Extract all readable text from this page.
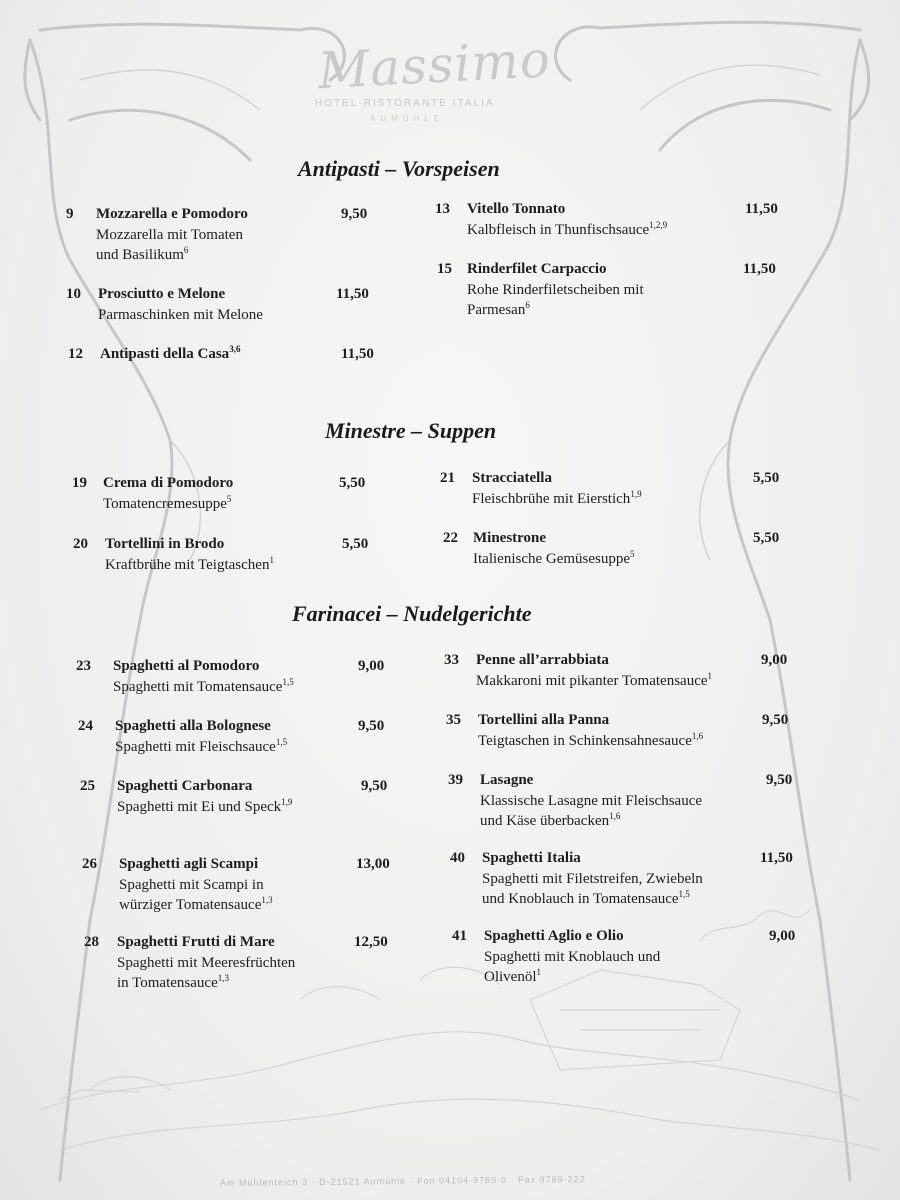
Massimo
HOTEL-RISTORANTE ITALIA
AUMÜHLE
Antipasti – Vorspeisen
Minestre – Suppen
Farinacei – Nudelgerichte
9 Mozzarella e Pomodoro	9,50
Mozzarella mit Tomaten
und Basilikum$^6$
10 Prosciutto e Melone	11,50
Parmaschinken mit Melone
12 Antipasti della Casa$^{3,6}$	11,50
13 Vitello Tonnato	11,50
Kalbfleisch in Thunfischsauce$^{1,2,9}$
15 Rinderfilet Carpaccio	11,50
Rohe Rinderfiletscheiben mit
Parmesan$^6$
19 Crema di Pomodoro	5,50
Tomatencremesuppe$^5$
20 Tortellini in Brodo	5,50
Kraftbrühe mit Teigtaschen$^1$
21 Stracciatella	5,50
Fleischbrühe mit Eierstich$^{1,9}$
22 Minestrone	5,50
Italienische Gemüsesuppe$^5$
23 Spaghetti al Pomodoro	9,00
Spaghetti mit Tomatensauce$^{1,5}$
24 Spaghetti alla Bolognese	9,50
Spaghetti mit Fleischsauce$^{1,5}$
25 Spaghetti Carbonara	9,50
Spaghetti mit Ei und Speck$^{1,9}$
26 Spaghetti agli Scampi	13,00
Spaghetti mit Scampi in
würziger Tomatensauce$^{1,3}$
28 Spaghetti Frutti di Mare	12,50
Spaghetti mit Meeresfrüchten
in Tomatensauce$^{1,3}$
33 Penne all’arrabbiata	9,00
Makkaroni mit pikanter Tomatensauce$^1$
35 Tortellini alla Panna	9,50
Teigtaschen in Schinkensahnesauce$^{1,6}$
39 Lasagne	9,50
Klassische Lasagne mit Fleischsauce
und Käse überbacken$^{1,6}$
40 Spaghetti Italia	11,50
Spaghetti mit Filetstreifen, Zwiebeln
und Knoblauch in Tomatensauce$^{1,5}$
41 Spaghetti Aglio e Olio	9,00
Spaghetti mit Knoblauch und
Olivenöl$^1$
Am Mühlenteich 3 · D-21521 Aumühle · Fon 04104-9789-0 · Fax 9789-222
